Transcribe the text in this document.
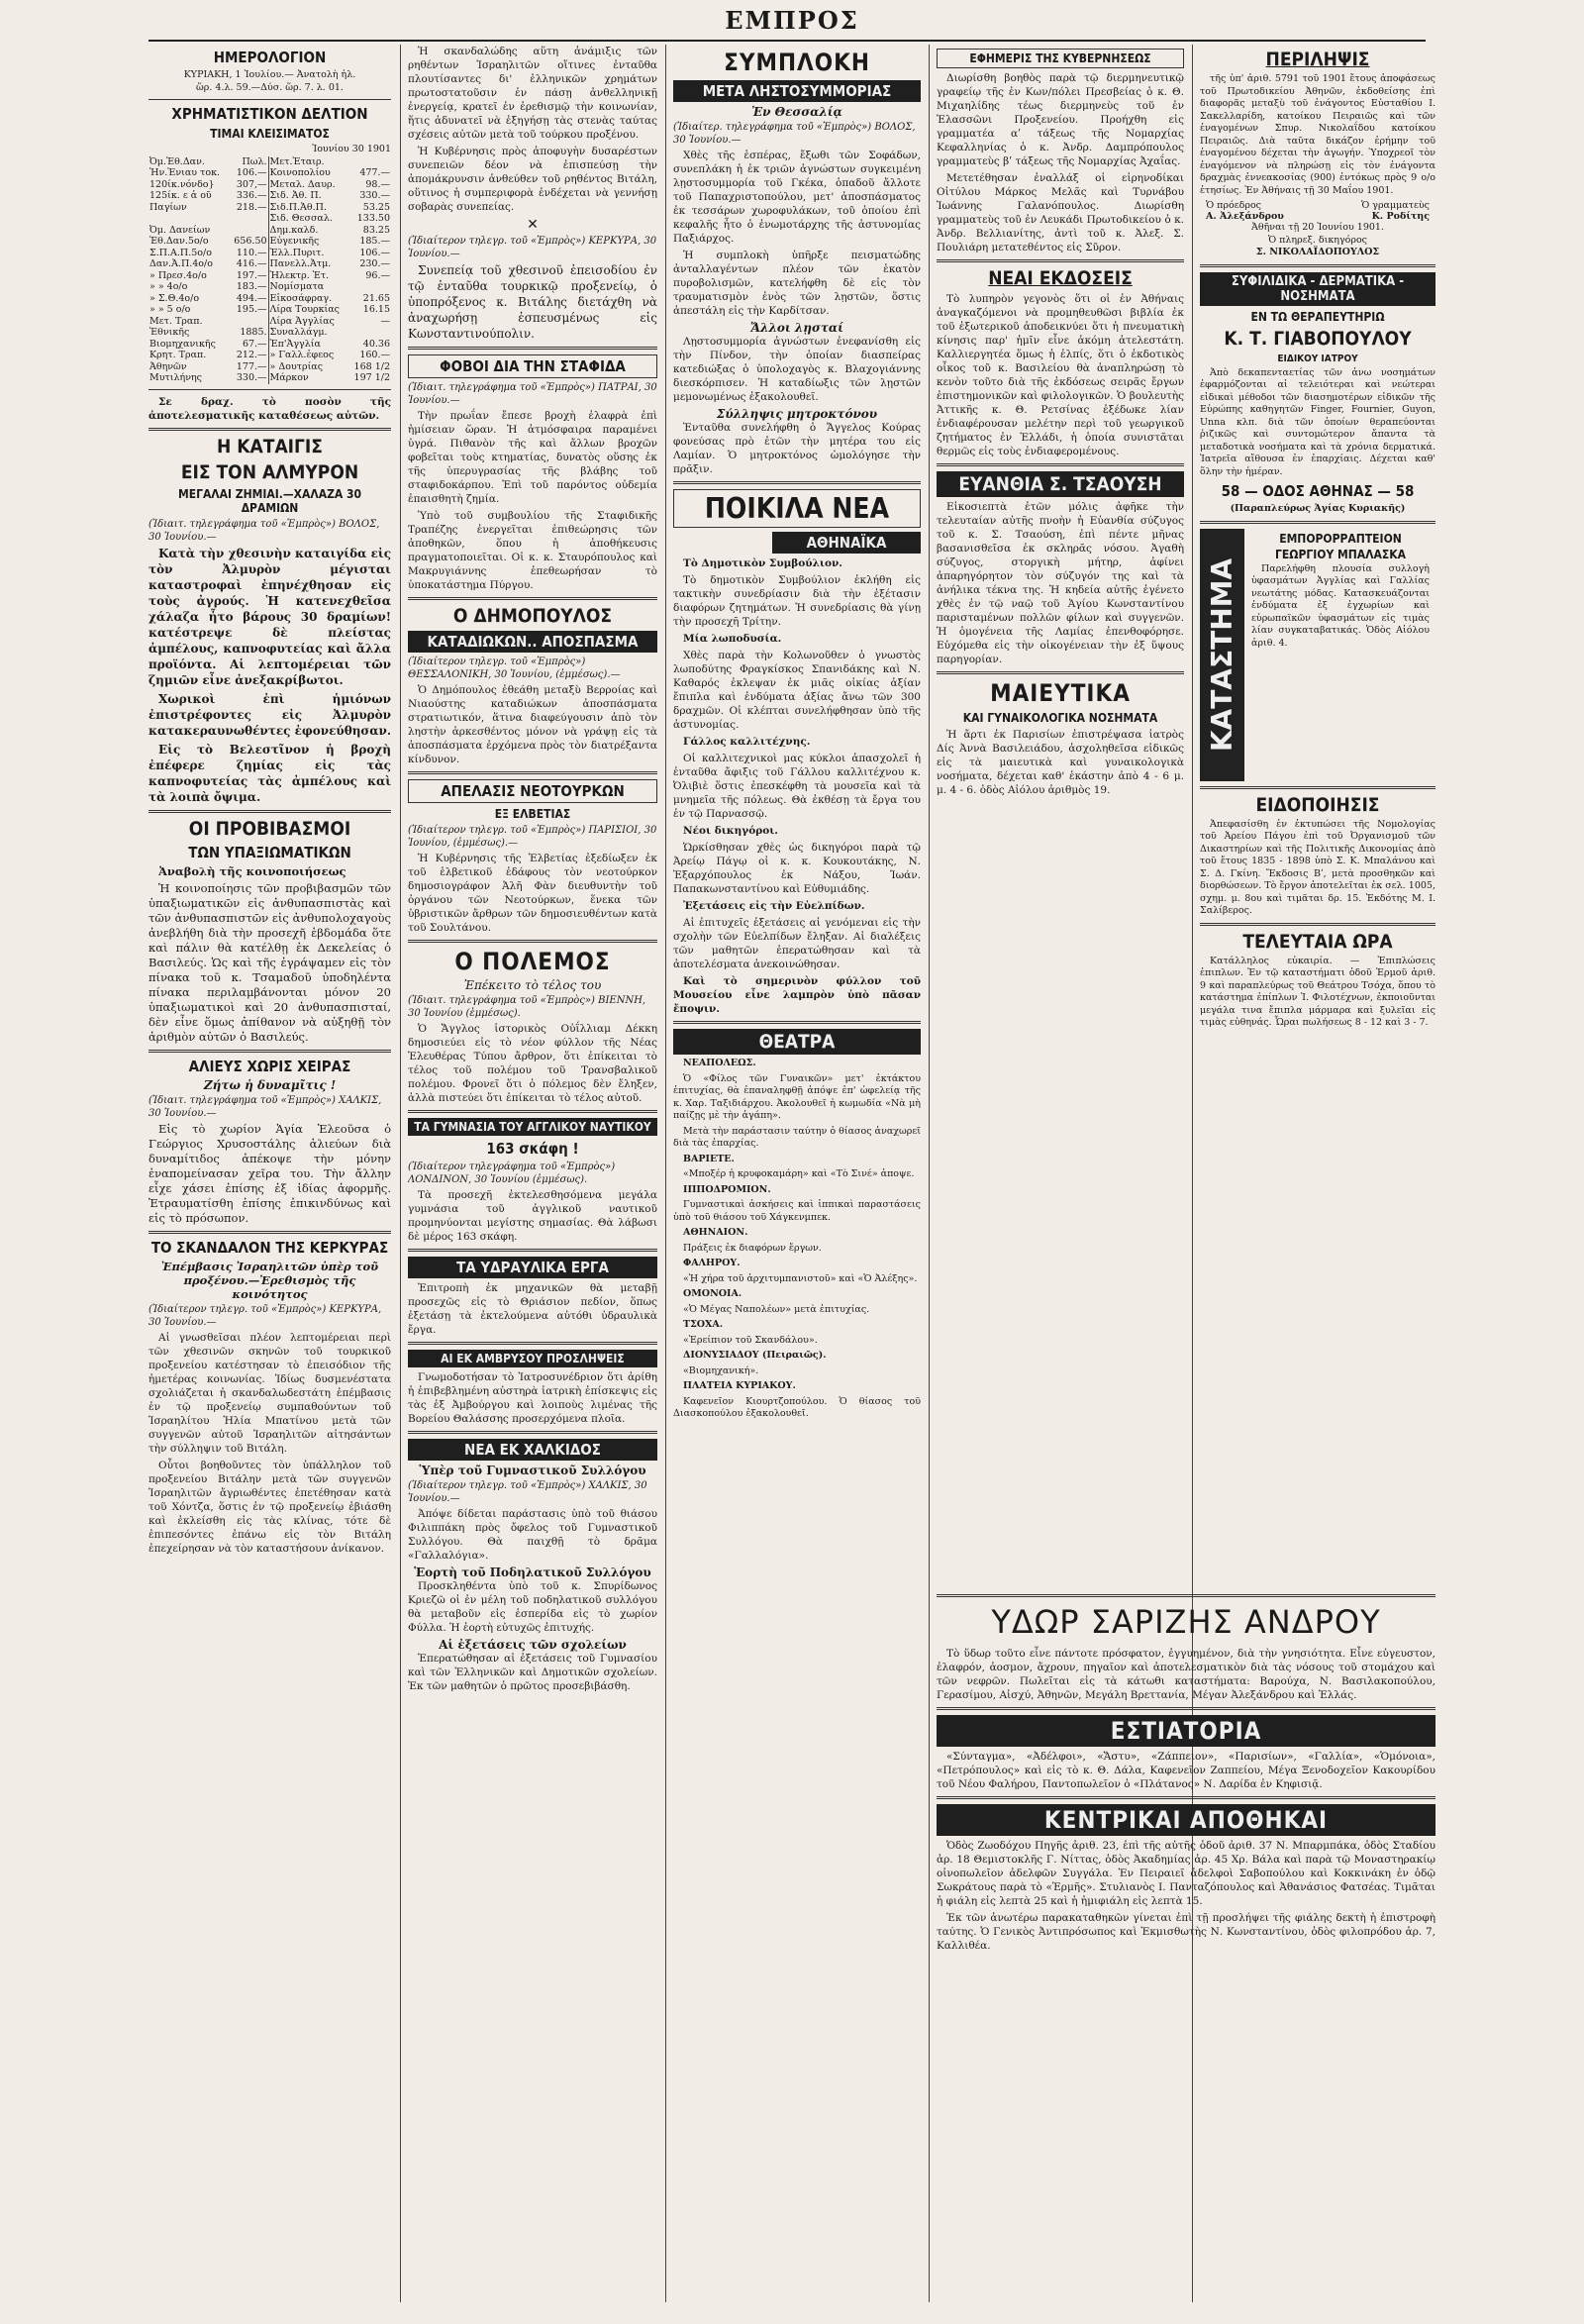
ΕΜΠΡΟΣ
ΗΜΕΡΟΛΟΓΙΟΝ
ΚΥΡΙΑΚΗ, 1 Ἰουλίου.— Ἀνατολὴ ἡλ.
ὥρ. 4.λ. 59.—Δύσ. ὥρ. 7. λ. 01.
ΧΡΗΜΑΤΙΣΤΙΚΟΝ ΔΕΛΤΙΟΝ
ΤΙΜΑΙ ΚΛΕΙΣΙΜΑΤΟΣ
Ἰουνίου 30 1901
Ὀμ.Ἐθ.Δαν.	Πωλ.	Μετ.Ἐταιρ.	
Ἠν.Ἐνιαυ τοκ.	106.—	Κοινοπολίου	477.—
120ίκ.νόνδο}	307,—	Μεταλ. Δαυρ.	98.—
125ίκ. ε ἀ οῦ	336.—	Σιδ. Ἀθ. Π.	330.—
Παγίων	218.—	Σιδ.Π.Ἀθ.Π.	53.25
		Σιδ. Θεσσαλ.	133.50
Ὀμ. Δανείων		Δημ.καλδ.	83.25
Ἐθ.Δαν.5ο/ο	656.50	Εὐγενικῆς	185.—
Σ.Π.Α.Π.5ο/ο	110.—	Ἐλλ.Πυριτ.	106.—
Δαν.Ἀ.Π.4ο/ο	416.—	Πανελλ.Ἀτμ.	230.—
» Πρεσ.4ο/ο	197.—	Ἠλεκτρ. Ἐτ.	96.—
» » 4ο/ο	183.—	Νομίσματα	
» Σ.Θ.4ο/ο	494.—	Εἰκοσάφραγ.	21.65
» » 5 ο/ο	195.—	Λίρα Τουρκίας	16.15
Μετ. Τραπ.		Λίρα Ἀγγλίας	—
Ἐθνικῆς	1885.	Συναλλάγμ.	
Βιομηχανικῆς	67.—	Ἐπ'Ἀγγλία	40.36
Κρητ. Τραπ.	212.—	» Γαλλ.ἐφεος	160.—
Ἀθηνῶν	177.—	» Δουτρίας	168 1/2
Μυτιλήνης	330.—	Μάρκον	197 1/2
Σε δραχ. τὸ ποσὸν τῆς ἀποτελεσματικῆς καταθέσεως αὐτῶν.
Η ΚΑΤΑΙΓΙΣ
ΕΙΣ ΤΟΝ ΑΛΜΥΡΟΝ
ΜΕΓΑΛΑΙ ΖΗΜΙΑΙ.—ΧΑΛΑΖΑ 30 ΔΡΑΜΙΩΝ
(Ἰδιαιτ. τηλεγράφημα τοῦ «Ἐμπρὸς») ΒΟΛΟΣ, 30 Ἰουνίου.—
Κατὰ τὴν χθεσινὴν καταιγίδα εἰς τὸν Ἀλμυρὸν μέγισται καταστροφαὶ ἐπηνέχθησαν εἰς τοὺς ἀγρούς. Ἡ κατενεχθεῖσα χάλαζα ἦτο βάρους 30 δραμίων! κατέστρεψε δὲ πλείστας ἀμπέλους, καπνοφυτείας καὶ ἄλλα προϊόντα. Αἱ λεπτομέρειαι τῶν ζημιῶν εἶνε ἀνεξακρίβωτοι.
Χωρικοὶ ἐπὶ ἡμιόνων ἐπιστρέφοντες εἰς Ἀλμυρὸν κατακεραυνωθέντες ἐφονεύθησαν.
Εἰς τὸ Βελεστῖνον ἡ βροχὴ ἐπέφερε ζημίας εἰς τὰς καπνοφυτείας τὰς ἀμπέλους καὶ τὰ λοιπὰ ὄψιμα.
ΟΙ ΠΡΟΒΙΒΑΣΜΟΙ
ΤΩΝ ΥΠΑΞΙΩΜΑΤΙΚΩΝ
Ἀναβολὴ τῆς κοινοποιήσεως
Ἡ κοινοποίησις τῶν προβιβασμῶν τῶν ὑπαξιωματικῶν εἰς ἀνθυπασπιστὰς καὶ τῶν ἀνθυπασπιστῶν εἰς ἀνθυπολοχαγοὺς ἀνεβλήθη διὰ τὴν προσεχῆ ἑβδομάδα ὅτε καὶ πάλιν θὰ κατέλθῃ ἐκ Δεκελείας ὁ Βασιλεύς. Ὡς καὶ τῆς ἐγράψαμεν εἰς τὸν πίνακα τοῦ κ. Τσαμαδοῦ ὑποδηλέντα πίνακα περιλαμβάνονται μόνον 20 ὑπαξιωματικοὶ καὶ 20 ἀνθυπασπισταί, δὲν εἶνε ὅμως ἀπίθανον νὰ αὐξηθῇ τὸν ἀριθμὸν αὐτῶν ὁ Βασιλεύς.
ΑΛΙΕΥΣ ΧΩΡΙΣ ΧΕΙΡΑΣ
Ζήτω ἡ δυναμῖτις !
(Ἰδιαιτ. τηλεγράφημα τοῦ «Ἐμπρὸς») ΧΑΛΚΙΣ, 30 Ἰουνίου.—
Εἰς τὸ χωρίον Ἁγία Ἐλεοῦσα ὁ Γεώργιος Χρυσοστάλης ἁλιεύων διὰ δυναμίτιδος ἀπέκοψε τὴν μόνην ἐναπομείνασαν χεῖρα του. Τὴν ἄλλην εἶχε χάσει ἐπίσης ἐξ ἰδίας ἀφορμῆς. Ἐτραυματίσθη ἐπίσης ἐπικινδύνως καὶ εἰς τὸ πρόσωπον.
ΤΟ ΣΚΑΝΔΑΛΟΝ ΤΗΣ ΚΕΡΚΥΡΑΣ
Ἐπέμβασις Ἰσραηλιτῶν ὑπὲρ τοῦ προξένου.—Ἐρεθισμὸς τῆς κοινότητος
(Ἰδιαίτερον τηλεγρ. τοῦ «Ἐμπρὸς») ΚΕΡΚΥΡΑ, 30 Ἰουνίου.—
Αἱ γνωσθεῖσαι πλέον λεπτομέρειαι περὶ τῶν χθεσινῶν σκηνῶν τοῦ τουρκικοῦ προξενείου κατέστησαν τὸ ἐπεισόδιον τῆς ἡμετέρας κοινωνίας. Ἰδίως δυσμενέστατα σχολιάζεται ἡ σκανδαλωδεστάτη ἐπέμβασις ἐν τῷ προξενείῳ συμπαθούντων τοῦ Ἰσραηλίτου Ἠλία Μπατίνου μετὰ τῶν συγγενῶν αὐτοῦ Ἰσραηλιτῶν αἰτησάντων τὴν σύλληψιν τοῦ Βιτάλη.
Οὗτοι βοηθοῦντες τὸν ὑπάλληλον τοῦ προξενείου Βιτάλην μετὰ τῶν συγγενῶν Ἰσραηλιτῶν ἄγριωθέντες ἐπετέθησαν κατὰ τοῦ Χόντζα, ὅστις ἐν τῷ προξενείῳ ἐβιάσθη καὶ ἐκλείσθη εἰς τὰς κλίνας, τότε δὲ ἐπιπεσόντες ἐπάνω εἰς τὸν Βιτάλη ἐπεχείρησαν νὰ τὸν καταστήσουν ἀνίκανον.
Ἡ σκανδαλώδης αὕτη ἀνάμιξις τῶν ρηθέντων Ἰσραηλιτῶν οἵτινες ἐνταῦθα πλουτίσαντες δι' ἑλληνικῶν χρημάτων πρωτοστατοῦσιν ἐν πάσῃ ἀνθελληνικῇ ἐνεργείᾳ, κρατεῖ ἐν ἐρεθισμῷ τὴν κοινωνίαν, ἥτις ἀδυνατεῖ νὰ ἐξηγήσῃ τὰς στενὰς ταύτας σχέσεις αὐτῶν μετὰ τοῦ τούρκου προξένου.
Ἡ Κυβέρνησις πρὸς ἀποφυγὴν δυσαρέστων συνεπειῶν δέον νὰ ἐπισπεύσῃ τὴν ἀπομάκρυνσιν ἀνθεύθεν τοῦ ρηθέντος Βιτάλη, οὕτινος ἡ συμπεριφορὰ ἐνδέχεται νὰ γεννήσῃ σοβαρὰς συνεπείας.
✕
(Ἰδιαίτερον τηλεγρ. τοῦ «Ἐμπρὸς») ΚΕΡΚΥΡΑ, 30 Ἰουνίου.—
Συνεπείᾳ τοῦ χθεσινοῦ ἐπεισοδίου ἐν τῷ ἐνταῦθα τουρκικῷ προξενείῳ, ὁ ὑποπρόξενος κ. Βιτάλης διετάχθη νὰ ἀναχωρήσῃ ἐσπευσμένως εἰς Κωνσταντινούπολιν.
ΦΟΒΟΙ ΔΙΑ ΤΗΝ ΣΤΑΦΙΔΑ
(Ἰδιαιτ. τηλεγράφημα τοῦ «Ἐμπρὸς») ΠΑΤΡΑΙ, 30 Ἰουνίου.—
Τὴν πρωΐαν ἔπεσε βροχὴ ἐλαφρὰ ἐπὶ ἡμίσειαν ὥραν. Ἡ ἀτμόσφαιρα παραμένει ὑγρά. Πιθανὸν τῆς καὶ ἄλλων βροχῶν φοβεῖται τοὺς κτηματίας, δυνατὸς οὕσης ἐκ τῆς ὑπερυγρασίας τῆς βλάβης τοῦ σταφιδοκάρπου. Ἐπὶ τοῦ παρόντος οὐδεμία ἐπαισθητὴ ζημία.
Ὑπὸ τοῦ συμβουλίου τῆς Σταφιδικῆς Τραπέζης ἐνεργεῖται ἐπιθεώρησις τῶν ἀποθηκῶν, ὅπου ἡ ἀποθήκευσις πραγματοποιεῖται. Οἱ κ. κ. Σταυρόπουλος καὶ Μακρυγιάννης ἐπεθεωρήσαν τὸ ὑποκατάστημα Πύργου.
Ο ΔΗΜΟΠΟΥΛΟΣ
ΚΑΤΑΔΙΩΚΩΝ.. ΑΠΟΣΠΑΣΜΑ
(Ἰδιαίτερον τηλεγρ. τοῦ «Ἐμπρὸς») ΘΕΣΣΑΛΟΝΙΚΗ, 30 Ἰουνίου, (ἐμμέσως).—
Ὁ Δημόπουλος ἐθεάθη μεταξὺ Βερροίας καὶ Νιαούστης καταδιώκων ἀποσπάσματα στρατιωτικόν, ἅτινα διαφεύγουσιν ἀπὸ τὸν ληστὴν ἀρκεσθέντος μόνον νὰ γράψῃ εἰς τὰ ἀποσπάσματα ἐρχόμενα πρὸς τὸν διατρέξαντα κίνδυνον.
ΑΠΕΛΑΣΙΣ ΝΕΟΤΟΥΡΚΩΝ
ΕΞ ΕΛΒΕΤΙΑΣ
(Ἰδιαίτερον τηλεγρ. τοῦ «Ἐμπρὸς») ΠΑΡΙΣΙΟΙ, 30 Ἰουνίου, (ἐμμέσως).—
Ἡ Κυβέρνησις τῆς Ἑλβετίας ἐξεδίωξεν ἐκ τοῦ ἑλβετικοῦ ἐδάφους τὸν νεοτούρκον δημοσιογράφον Ἀλῆ Φὰν διευθυντὴν τοῦ ὀργάνου τῶν Νεοτούρκων, ἕνεκα τῶν ὑβριστικῶν ἄρθρων τῶν δημοσιευθέντων κατὰ τοῦ Σουλτάνου.
Ο ΠΟΛΕΜΟΣ
Ἐπέκειτο τὸ τέλος του
(Ἰδιαιτ. τηλεγράφημα τοῦ «Ἐμπρὸς») ΒΙΕΝΝΗ, 30 Ἰουνίου (ἐμμέσως).
Ὁ Ἄγγλος ἱστορικὸς Οὐΐλλιαμ Δέκκη δημοσιεύει εἰς τὸ νέον φύλλον τῆς Νέας Ἐλευθέρας Τύπου ἄρθρον, ὅτι ἐπίκειται τὸ τέλος τοῦ πολέμου τοῦ Τρανσβαλικοῦ πολέμου. Φρονεῖ ὅτι ὁ πόλεμος δὲν ἔληξεν, ἀλλὰ πιστεύει ὅτι ἐπίκειται τὸ τέλος αὐτοῦ.
ΤΑ ΓΥΜΝΑΣΙΑ ΤΟΥ ΑΓΓΛΙΚΟΥ ΝΑΥΤΙΚΟΥ
163 σκάφη !
(Ἰδιαίτερον τηλεγράφημα τοῦ «Ἐμπρὸς») ΛΟΝΔΙΝΟΝ, 30 Ἰουνίου (ἐμμέσως).
Τὰ προσεχῆ ἐκτελεσθησόμενα μεγάλα γυμνάσια τοῦ ἀγγλικοῦ ναυτικοῦ προμηνύονται μεγίστης σημασίας. Θὰ λάβωσι δὲ μέρος 163 σκάφη.
ΤΑ ΥΔΡΑΥΛΙΚΑ ΕΡΓΑ
Ἐπιτροπὴ ἐκ μηχανικῶν θὰ μεταβῇ προσεχῶς εἰς τὸ Θριάσιον πεδίον, ὅπως ἐξετάσῃ τὰ ἐκτελούμενα αὐτόθι ὑδραυλικὰ ἔργα.
ΑΙ ΕΚ ΑΜΒΡΥΣΟΥ ΠΡΟΣΛΗΨΕΙΣ
Γνωμοδοτήσαν τὸ Ἰατροσυνέδριον ὅτι ἀρίθη ἡ ἐπιβεβλημένη αὐστηρὰ ἰατρικὴ ἐπίσκεψις εἰς τὰς ἐξ Ἀμβούργου καὶ λοιποὺς λιμένας τῆς Βορείου Θαλάσσης προσερχόμενα πλοῖα.
ΝΕΑ ΕΚ ΧΑΛΚΙΔΟΣ
Ὑπὲρ τοῦ Γυμναστικοῦ Συλλόγου
(Ἰδιαίτερον τηλεγρ. τοῦ «Ἐμπρὸς») ΧΑΛΚΙΣ, 30 Ἰουνίου.—
Ἀπόψε δίδεται παράστασις ὑπὸ τοῦ θιάσου Φιλιππάκη πρὸς ὄφελος τοῦ Γυμναστικοῦ Συλλόγου. Θὰ παιχθῇ τὸ δρᾶμα «Γαλλαλόγια».
Ἑορτὴ τοῦ Ποδηλατικοῦ Συλλόγου
Προσκληθέντα ὑπὸ τοῦ κ. Σπυρίδωνος Κριεζῶ οἱ ἐν μέλη τοῦ ποδηλατικοῦ συλλόγου θὰ μεταβοῦν εἰς ἑσπερίδα εἰς τὸ χωρίον Φύλλα. Ἡ ἑορτὴ εὐτυχῶς ἐπιτυχής.
Αἱ ἐξετάσεις τῶν σχολείων
Ἐπερατώθησαν αἱ ἐξετάσεις τοῦ Γυμνασίου καὶ τῶν Ἑλληνικῶν καὶ Δημοτικῶν σχολείων. Ἐκ τῶν μαθητῶν ὁ πρῶτος προσεβιβάσθη.
ΣΥΜΠΛΟΚΗ
ΜΕΤΑ ΛΗΣΤΟΣΥΜΜΟΡΙΑΣ
Ἐν Θεσσαλίᾳ
(Ἰδιαίτερ. τηλεγράφημα τοῦ «Ἐμπρὸς») ΒΟΛΟΣ, 30 Ἰουνίου.—
Χθὲς τῆς ἑσπέρας, ἔξωθι τῶν Σοφάδων, συνεπλάκη ἡ ἐκ τριῶν ἀγνώστων συγκειμένη λῃστοσυμμορία τοῦ Γκέκα, ὁπαδοῦ ἄλλοτε τοῦ Παπαχριστοπούλου, μετ' ἀποσπάσματος ἐκ τεσσάρων χωροφυλάκων, τοῦ ὁποίου ἐπὶ κεφαλῆς ἦτο ὁ ἐνωμοτάρχης τῆς ἀστυνομίας Παξιάρχος.
Ἡ συμπλοκὴ ὑπῆρξε πεισματώδης ἀνταλλαγέντων πλέον τῶν ἑκατὸν πυροβολισμῶν, κατελήφθη δὲ εἰς τὸν τραυματισμὸν ἐνὸς τῶν λῃστῶν, ὅστις ἀπεστάλη εἰς τὴν Καρδίτσαν.
Ἄλλοι λῃσταί
Λῃστοσυμμορία ἀγνώστων ἐνεφανίσθη εἰς τὴν Πίνδον, τὴν ὁποίαν διασπείρας κατεδιώξας ὁ ὑπολοχαγὸς κ. Βλαχογιάννης διεσκόρπισεν. Ἡ καταδίωξις τῶν λῃστῶν μεμονωμένως ἐξακολουθεῖ.
Σύλληψις μητροκτόνου
Ἐνταῦθα συνελήφθη ὁ Ἄγγελος Κούρας φονεύσας πρὸ ἐτῶν τὴν μητέρα του εἰς Λαμίαν. Ὁ μητροκτόνος ὡμολόγησε τὴν πρᾶξιν.
ΠΟΙΚΙΛΑ ΝΕΑ
ΑΘΗΝΑΪΚΑ
Τὸ Δημοτικὸν Συμβούλιον.
Τὸ δημοτικὸν Συμβούλιον ἐκλήθη εἰς τακτικὴν συνεδρίασιν διὰ τὴν ἐξέτασιν διαφόρων ζητημάτων. Ἡ συνεδρίασις θὰ γίνῃ τὴν προσεχῆ Τρίτην.
Μία λωποδυσία.
Χθὲς παρὰ τὴν Κολωνοῦθεν ὁ γνωστὸς λωποδύτης Φραγκίσκος Σπανιδάκης καὶ Ν. Καθαρός ἐκλεψαν ἐκ μιᾶς οἰκίας ἀξίαν ἔπιπλα καὶ ἐνδύματα ἀξίας ἄνω τῶν 300 δραχμῶν. Οἱ κλέπται συνελήφθησαν ὑπὸ τῆς ἀστυνομίας.
Γάλλος καλλιτέχνης.
Οἱ καλλιτεχνικοὶ μας κύκλοι ἀπασχολεῖ ἡ ἐνταῦθα ἄφιξις τοῦ Γάλλου καλλιτέχνου κ. Ὀλιβιὲ ὅστις ἐπεσκέφθη τὰ μουσεῖα καὶ τὰ μνημεῖα τῆς πόλεως. Θὰ ἐκθέσῃ τὰ ἔργα του ἐν τῷ Παρνασσῷ.
Νέοι δικηγόροι.
Ὡρκίσθησαν χθὲς ὡς δικηγόροι παρὰ τῷ Ἀρείῳ Πάγῳ οἱ κ. κ. Κουκουτάκης, Ν. Ἐξαρχόπουλος ἐκ Νάξου, Ἰωάν. Παπακωνσταντίνου καὶ Εὐθυμιάδης.
Ἐξετάσεις εἰς τὴν Εὐελπίδων.
Αἱ ἐπιτυχεῖς ἐξετάσεις αἱ γενόμεναι εἰς τὴν σχολὴν τῶν Εὐελπίδων ἔληξαν. Αἱ διαλέξεις τῶν μαθητῶν ἐπερατώθησαν καὶ τὰ ἀποτελέσματα ἀνεκοινώθησαν.
Καὶ τὸ σημερινὸν φύλλον τοῦ Μουσείου εἶνε λαμπρὸν ὑπὸ πᾶσαν ἔποψιν.
ΘΕΑΤΡΑ
ΝΕΑΠΟΛΕΩΣ.
Ὁ «Φίλος τῶν Γυναικῶν» μετ' ἐκτάκτου ἐπιτυχίας, θὰ ἐπαναληφθῇ ἀπόψε ἐπ' ὠφελείᾳ τῆς κ. Χαρ. Ταξιδιάρχου. Ἀκολουθεῖ ἡ κωμωδία «Νὰ μὴ παίζῃς μὲ τὴν ἀγάπη».
Μετὰ τὴν παράστασιν ταύτην ὁ θίασος ἀναχωρεῖ διὰ τὰς ἐπαρχίας.
ΒΑΡΙΕΤΕ.
«Μποξέρ ἡ κρυφοκαμάρη» καὶ «Τὸ Σινέ» ἀποψε.
ΙΠΠΟΔΡΟΜΙΟΝ.
Γυμναστικαὶ ἀσκήσεις καὶ ἱππικαὶ παραστάσεις ὑπὸ τοῦ θιάσου τοῦ Χάγκενμπεκ.
ΑΘΗΝΑΙΟΝ.
Πράξεις ἐκ διαφόρων ἔργων.
ΦΑΛΗΡΟΥ.
«Ἡ χήρα τοῦ ἀρχιτυμπανιστοῦ» καὶ «Ὁ Ἀλέξης».
ΟΜΟΝΟΙΑ.
«Ὁ Μέγας Ναπολέων» μετὰ ἐπιτυχίας.
ΤΣΟΧΑ.
«Ἐρείπιον τοῦ Σκανδάλου».
ΔΙΟΝΥΣΙΑΔΟΥ (Πειραιῶς).
«Βιομηχανική».
ΠΛΑΤΕΙΑ ΚΥΡΙΑΚΟΥ.
Καφενεῖον Κιουρτζοπούλου. Ὁ θίασος τοῦ Διασκοπούλου ἐξακολουθεῖ.
ΕΦΗΜΕΡΙΣ ΤΗΣ ΚΥΒΕΡΝΗΣΕΩΣ
Διωρίσθη βοηθὸς παρὰ τῷ διερμηνευτικῷ γραφείῳ τῆς ἐν Κων/πόλει Πρεσβείας ὁ κ. Θ. Μιχαηλίδης τέως διερμηνεὺς τοῦ ἐν Ἐλασσῶνι Προξενείου. Προήχθη εἰς γραμματέα αʹ τάξεως τῆς Νομαρχίας Κεφαλληνίας ὁ κ. Ἀνδρ. Δαμπρόπουλος γραμματεὺς βʹ τάξεως τῆς Νομαρχίας Ἀχαΐας.
Μετετέθησαν ἐναλλάξ οἱ εἰρηνοδίκαι Οἰτύλου Μάρκος Μελᾶς καὶ Τυρνάβου Ἰωάννης Γαλανόπουλος. Διωρίσθη γραμματεὺς τοῦ ἐν Λευκάδι Πρωτοδικείου ὁ κ. Ἀνδρ. Βελλιανίτης, ἀντὶ τοῦ κ. Ἀλεξ. Σ. Πουλιάρη μετατεθέντος εἰς Σῦρον.
ΝΕΑΙ ΕΚΔΟΣΕΙΣ
Τὸ λυπηρὸν γεγονὸς ὅτι οἱ ἐν Ἀθήναις ἀναγκαζόμενοι νὰ προμηθευθῶσι βιβλία ἐκ τοῦ ἐξωτερικοῦ ἀποδεικνύει ὅτι ἡ πνευματικὴ κίνησις παρ' ἡμῖν εἶνε ἀκόμη ἀτελεστάτη. Καλλιεργητέα ὅμως ἡ ἐλπίς, ὅτι ὁ ἐκδοτικὸς οἶκος τοῦ κ. Βασιλείου θὰ ἀναπληρώσῃ τὸ κενὸν τοῦτο διὰ τῆς ἐκδόσεως σειρᾶς ἔργων ἐπιστημονικῶν καὶ φιλολογικῶν. Ὁ βουλευτὴς Ἀττικῆς κ. Θ. Ρετσίνας ἐξέδωκε λίαν ἐνδιαφέρουσαν μελέτην περὶ τοῦ γεωργικοῦ ζητήματος ἐν Ἑλλάδι, ἡ ὁποία συνιστᾶται θερμῶς εἰς τοὺς ἐνδιαφερομένους.
ΕΥΑΝΘΙΑ Σ. ΤΣΑΟΥΣΗ
Εἰκοσιεπτὰ ἐτῶν μόλις ἀφῆκε τὴν τελευταίαν αὐτῆς πνοὴν ἡ Εὐανθία σύζυγος τοῦ κ. Σ. Τσαούση, ἐπὶ πέντε μῆνας βασανισθεῖσα ἐκ σκληρᾶς νόσου. Ἀγαθὴ σύζυγος, στοργικὴ μήτηρ, ἀφίνει ἀπαρηγόρητον τὸν σύζυγόν της καὶ τὰ ἀνήλικα τέκνα της. Ἡ κηδεία αὐτῆς ἐγένετο χθὲς ἐν τῷ ναῷ τοῦ Ἁγίου Κωνσταντίνου παρισταμένων πολλῶν φίλων καὶ συγγενῶν. Ἡ ὁμογένεια τῆς Λαμίας ἐπενθοφόρησε. Εὐχόμεθα εἰς τὴν οἰκογένειαν τὴν ἐξ ὕψους παρηγορίαν.
ΜΑΙΕΥΤΙΚΑ
ΚΑΙ ΓΥΝΑΙΚΟΛΟΓΙΚΑ ΝΟΣΗΜΑΤΑ
Ἡ ἄρτι ἐκ Παρισίων ἐπιστρέψασα ἰατρὸς Δίς Ἀννὰ Βασιλειάδου, ἀσχοληθεῖσα εἰδικῶς εἰς τὰ μαιευτικὰ καὶ γυναικολογικὰ νοσήματα, δέχεται καθ' ἑκάστην ἀπὸ 4 - 6 μ. μ. 4 - 6. ὁδὸς Αἰόλου ἀριθμὸς 19.
ΠΕΡΙΛΗΨΙΣ
τῆς ὑπ' ἀριθ. 5791 τοῦ 1901 ἔτους ἀποφάσεως τοῦ Πρωτοδικείου Ἀθηνῶν, ἐκδοθείσης ἐπὶ διαφορᾶς μεταξὺ τοῦ ἐνάγοντος Εὐσταθίου Ι. Σακελλαρίδη, κατοίκου Πειραιῶς καὶ τῶν ἐναγομένων Σπυρ. Νικολαΐδου κατοίκου Πειραιῶς. Διὰ ταῦτα δικάζον ἐρήμην τοῦ ἐναγομένου δέχεται τὴν ἀγωγήν. Ὑποχρεοῖ τὸν ἐναγόμενον νὰ πληρώσῃ εἰς τὸν ἐνάγοντα δραχμὰς ἐννεακοσίας (900) ἐντόκως πρὸς 9 ο/ο ἐτησίως. Ἐν Ἀθήναις τῇ 30 Μαΐου 1901.
Ὁ πρόεδρος	Ὁ γραμματεὺς
Α. Ἀλεξάνδρου	Κ. Ροδίτης
Ἀθῆναι τῇ 20 Ἰουνίου 1901.
Ὁ πληρεξ. δικηγόρος
Σ. ΝΙΚΟΛΑΪΔΟΠΟΥΛΟΣ
ΣΥΦΙΛΙΔΙΚΑ - ΔΕΡΜΑΤΙΚΑ - ΝΟΣΗΜΑΤΑ
ΕΝ ΤΩ ΘΕΡΑΠΕΥΤΗΡΙΩ
Κ. Τ. ΓΙΑΒΟΠΟΥΛΟΥ
ΕΙΔΙΚΟΥ ΙΑΤΡΟΥ
Ἀπὸ δεκαπενταετίας τῶν ἀνω νοσημάτων ἐφαρμόζονται αἱ τελειότεραι καὶ νεώτεραι εἰδικαὶ μέθοδοι τῶν διασημοτέρων εἰδικῶν τῆς Εὐρώπης καθηγητῶν Finger, Fournier, Guyon, Unna κλπ. διὰ τῶν ὁποίων θεραπεύονται ῥιζικῶς καὶ συντομώτερον ἄπαντα τὰ μεταδοτικὰ νοσήματα καὶ τὰ χρόνια δερματικά. Ἰατρεῖα αἴθουσα ἐν ἐπαρχίαις. Δέχεται καθ' ὅλην τὴν ἡμέραν.
58 — ΟΔΟΣ ΑΘΗΝΑΣ — 58
(Παραπλεύρως Ἁγίας Κυριακῆς)
ΚΑΤΑΣΤΗΜΑ
ΕΜΠΟΡΟΡΡΑΠΤΕΙΟΝ
ΓΕΩΡΓΙΟΥ ΜΠΑΛΑΣΚΑ
Παρελήφθη πλουσία συλλογὴ ὑφασμάτων Ἀγγλίας καὶ Γαλλίας νεωτάτης μόδας. Κατασκευάζονται ἐνδύματα ἐξ ἐγχωρίων καὶ εὐρωπαϊκῶν ὑφασμάτων εἰς τιμὰς λίαν συγκαταβατικάς. Ὁδὸς Αἰόλου ἀριθ. 4.
ΕΙΔΟΠΟΙΗΣΙΣ
Ἀπεφασίσθη ἐν ἐκτυπώσει τῆς Νομολογίας τοῦ Ἀρείου Πάγου ἐπὶ τοῦ Ὀργανισμοῦ τῶν Δικαστηρίων καὶ τῆς Πολιτικῆς Δικονομίας ἀπὸ τοῦ ἔτους 1835 - 1898 ὑπὸ Σ. Κ. Μπαλάνου καὶ Σ. Δ. Γκίνη. Ἔκδοσις Βʹ, μετὰ προσθηκῶν καὶ διορθώσεων. Τὸ ἔργον ἀποτελεῖται ἐκ σελ. 1005, σχημ. μ. 8ου καὶ τιμᾶται δρ. 15. Ἐκδότης Μ. Ι. Σαλίβερος.
ΤΕΛΕΥΤΑΙΑ ΩΡΑ
Κατάλληλος εὐκαιρία. — Ἐπιπλώσεις ἐπιπλων. Ἐν τῷ καταστήματι ὁδοῦ Ἑρμοῦ ἀριθ. 9 καὶ παραπλεύρως τοῦ Θεάτρου Τσόχα, ὅπου τὸ κατάστημα ἐπίπλων Ἰ. Φιλοτέχνων, ἐκποιοῦνται μεγάλα τινα ἔπιπλα μάρμαρα καὶ ξυλεῖαι εἰς τιμὰς εὐθηνάς. Ὧραι πωλήσεως 8 - 12 καὶ 3 - 7.
ΥΔΩΡ ΣΑΡΙΖΗΣ ΑΝΔΡΟΥ
Τὸ ὕδωρ τοῦτο εἶνε πάντοτε πρόσφατον, ἐγγυημένον, διὰ τὴν γνησιότητα. Εἶνε εὐγευστον, ἐλαφρόν, ἀοσμον, ἄχρουν, πηγαῖον καὶ ἀποτελεσματικὸν διὰ τὰς νόσους τοῦ στομάχου καὶ τῶν νεφρῶν. Πωλεῖται εἰς τὰ κάτωθι καταστήματα: Βαρούχα, Ν. Βασιλακοπούλου, Γερασίμου, Αἰσχύ, Ἀθηνῶν, Μεγάλη Βρεττανία, Μέγαν Ἀλεξάνδρου καὶ Ἑλλάς.
ΕΣΤΙΑΤΟΡΙΑ
«Σύνταγμα», «Ἀδέλφοι», «Ἄστυ», «Ζάππειον», «Παρισίων», «Γαλλία», «Ὁμόνοια», «Πετρόπουλος» καὶ εἰς τὸ κ. Θ. Δάλα, Καφενεῖον Ζαππείου, Μέγα Ξενοδοχεῖον Κακουρίδου τοῦ Νέου Φαλήρου, Παντοπωλεῖον ὁ «Πλάτανος» Ν. Δαρίδα ἐν Κηφισιᾷ.
ΚΕΝΤΡΙΚΑΙ ΑΠΟΘΗΚΑΙ
Ὁδὸς Ζωοδόχου Πηγῆς ἀριθ. 23, ἐπὶ τῆς αὐτῆς ὁδοῦ ἀριθ. 37 Ν. Μπαρμπάκα, ὁδὸς Σταδίου ἀρ. 18 Θεμιστοκλῆς Γ. Νίττας, ὁδὸς Ἀκαδημίας ἀρ. 45 Χρ. Βάλα καὶ παρὰ τῷ Μοναστηρακίῳ οἰνοπωλεῖον ἀδελφῶν Συγγάλα. Ἐν Πειραιεῖ ἀδελφοὶ Σαβοπούλου καὶ Κοκκινάκη ἐν ὁδῷ Σωκράτους παρὰ τὸ «Ἑρμῆς». Στυλιανὸς Ι. Πανταζόπουλος καὶ Ἀθανάσιος Φατσέας. Τιμᾶται ἡ φιάλη εἰς λεπτὰ 25 καὶ ἡ ἡμιφιάλη εἰς λεπτὰ 15.
Ἐκ τῶν ἀνωτέρω παρακαταθηκῶν γίνεται ἐπὶ τῇ προσλήψει τῆς φιάλης δεκτὴ ἡ ἐπιστροφὴ ταύτης. Ὁ Γενικὸς Ἀντιπρόσωπος καὶ Ἐκμισθωτὴς Ν. Κωνσταντίνου, ὁδὸς φιλοπρόδου ἀρ. 7, Καλλιθέα.
